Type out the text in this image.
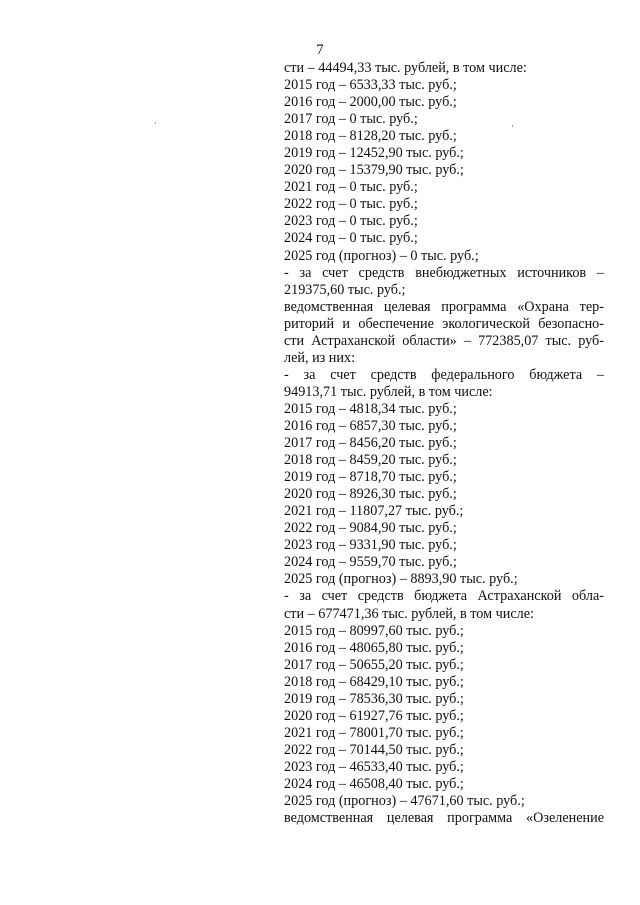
7
сти – 44494,33 тыс. рублей, в том числе:
2015 год – 6533,33 тыс. руб.;
2016 год – 2000,00 тыс. руб.;
2017 год – 0 тыс. руб.;
2018 год – 8128,20 тыс. руб.;
2019 год – 12452,90 тыс. руб.;
2020 год – 15379,90 тыс. руб.;
2021 год – 0 тыс. руб.;
2022 год – 0 тыс. руб.;
2023 год – 0 тыс. руб.;
2024 год – 0 тыс. руб.;
2025 год (прогноз) – 0 тыс. руб.;
- за счет средств внебюджетных источников –
219375,60 тыс. руб.;
ведомственная целевая программа «Охрана тер-
риторий и обеспечение экологической безопасно-
сти Астраханской области» – 772385,07 тыс. руб-
лей, из них:
- за счет средств федерального бюджета –
94913,71 тыс. рублей, в том числе:
2015 год – 4818,34 тыс. руб.;
2016 год – 6857,30 тыс. руб.;
2017 год – 8456,20 тыс. руб.;
2018 год – 8459,20 тыс. руб.;
2019 год – 8718,70 тыс. руб.;
2020 год – 8926,30 тыс. руб.;
2021 год – 11807,27 тыс. руб.;
2022 год – 9084,90 тыс. руб.;
2023 год – 9331,90 тыс. руб.;
2024 год – 9559,70 тыс. руб.;
2025 год (прогноз) – 8893,90 тыс. руб.;
- за счет средств бюджета Астраханской обла-
сти – 677471,36 тыс. рублей, в том числе:
2015 год – 80997,60 тыс. руб.;
2016 год – 48065,80 тыс. руб.;
2017 год – 50655,20 тыс. руб.;
2018 год – 68429,10 тыс. руб.;
2019 год – 78536,30 тыс. руб.;
2020 год – 61927,76 тыс. руб.;
2021 год – 78001,70 тыс. руб.;
2022 год – 70144,50 тыс. руб.;
2023 год – 46533,40 тыс. руб.;
2024 год – 46508,40 тыс. руб.;
2025 год (прогноз) – 47671,60 тыс. руб.;
ведомственная целевая программа «Озеленение
